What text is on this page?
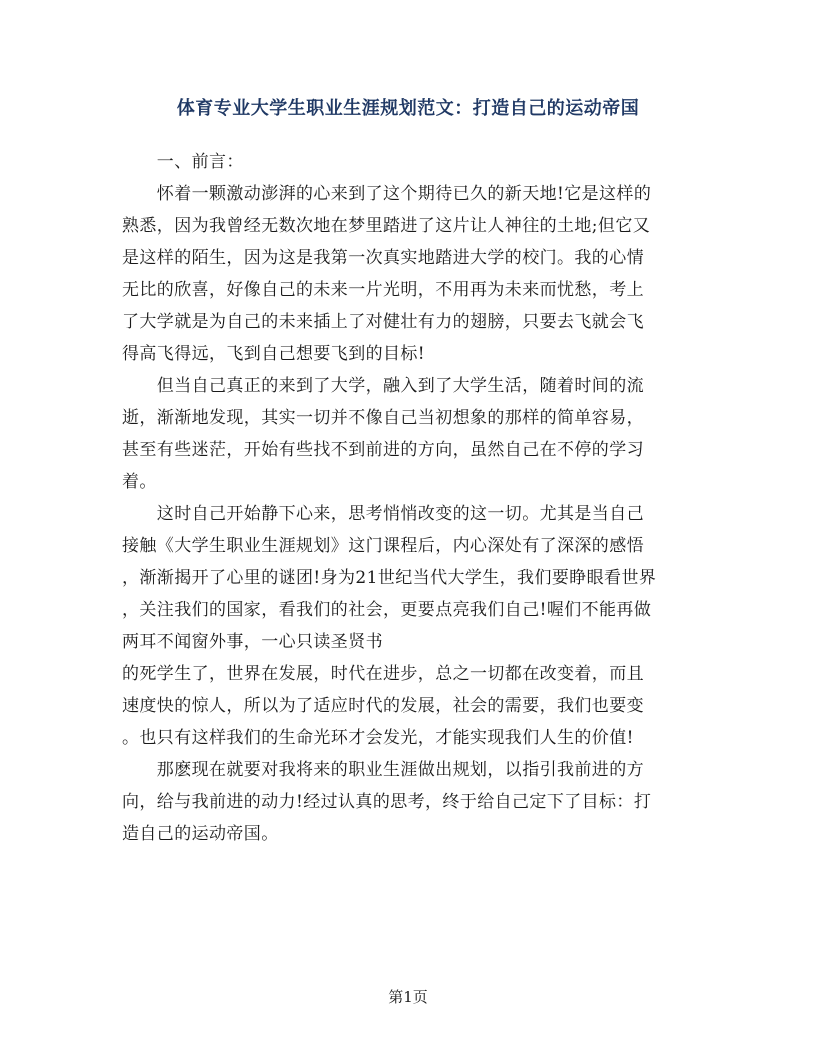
体育专业大学生职业生涯规划范文：打造自己的运动帝国
　　一、前言：
　　怀着一颗激动澎湃的心来到了这个期待已久的新天地!它是这样的
熟悉，因为我曾经无数次地在梦里踏进了这片让人神往的土地;但它又
是这样的陌生，因为这是我第一次真实地踏进大学的校门。我的心情
无比的欣喜，好像自己的未来一片光明，不用再为未来而忧愁，考上
了大学就是为自己的未来插上了对健壮有力的翅膀，只要去飞就会飞
得高飞得远，飞到自己想要飞到的目标!
　　但当自己真正的来到了大学，融入到了大学生活，随着时间的流
逝，渐渐地发现，其实一切并不像自己当初想象的那样的简单容易，
甚至有些迷茫，开始有些找不到前进的方向，虽然自己在不停的学习
着。
　　这时自己开始静下心来，思考悄悄改变的这一切。尤其是当自己
接触《大学生职业生涯规划》这门课程后，内心深处有了深深的感悟
，渐渐揭开了心里的谜团!身为21世纪当代大学生，我们要睁眼看世界
，关注我们的国家，看我们的社会，更要点亮我们自己!喔们不能再做
两耳不闻窗外事，一心只读圣贤书
的死学生了，世界在发展，时代在进步，总之一切都在改变着，而且
速度快的惊人，所以为了适应时代的发展，社会的需要，我们也要变
。也只有这样我们的生命光环才会发光，才能实现我们人生的价值!
　　那麽现在就要对我将来的职业生涯做出规划，以指引我前进的方
向，给与我前进的动力!经过认真的思考，终于给自己定下了目标：打
造自己的运动帝国。
第1页
